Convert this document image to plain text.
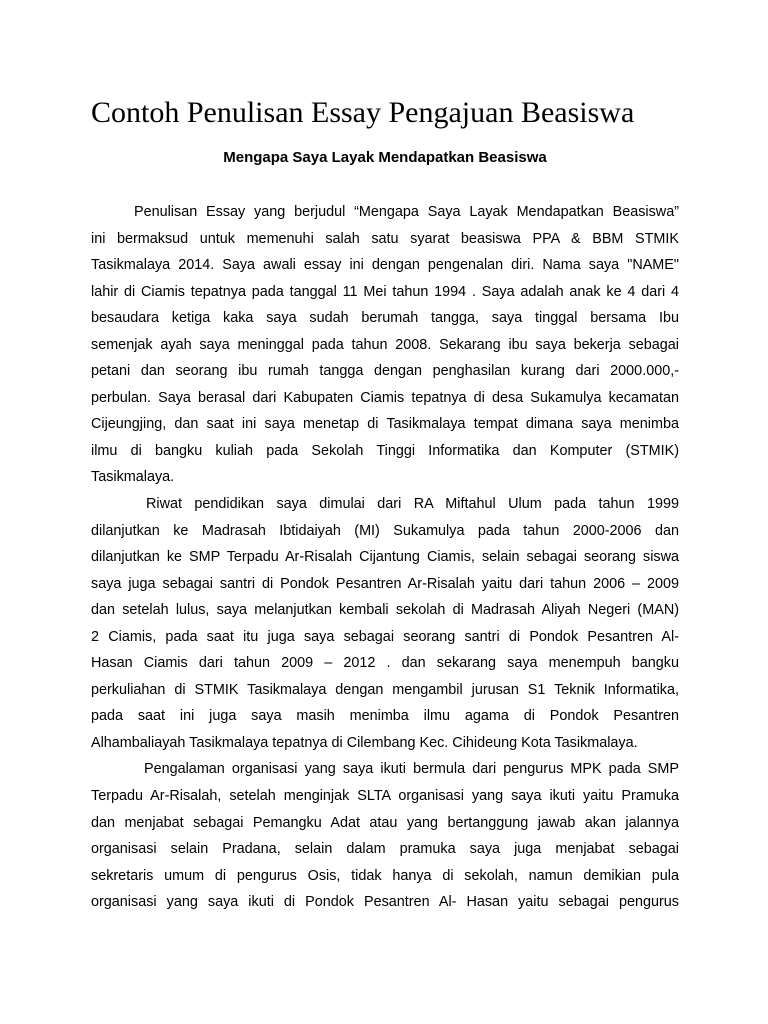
Contoh Penulisan Essay Pengajuan Beasiswa
Mengapa Saya Layak Mendapatkan Beasiswa

Penulisan Essay yang berjudul “Mengapa Saya Layak Mendapatkan Beasiswa”
ini bermaksud untuk memenuhi salah satu syarat beasiswa PPA & BBM STMIK
Tasikmalaya 2014. Saya awali essay ini dengan pengenalan diri. Nama saya "NAME"
lahir di Ciamis tepatnya pada tanggal 11 Mei tahun 1994 . Saya adalah anak ke 4 dari 4
besaudara ketiga kaka saya sudah berumah tangga, saya tinggal bersama Ibu
semenjak ayah saya meninggal pada tahun 2008. Sekarang ibu saya bekerja sebagai
petani dan seorang ibu rumah tangga dengan penghasilan kurang dari 2000.000,-
perbulan. Saya berasal dari Kabupaten Ciamis tepatnya di desa Sukamulya kecamatan
Cijeungjing, dan saat ini saya menetap di Tasikmalaya tempat dimana saya menimba
ilmu di bangku kuliah pada Sekolah Tinggi Informatika dan Komputer (STMIK)
Tasikmalaya.

Riwat pendidikan saya dimulai dari RA Miftahul Ulum pada tahun 1999
dilanjutkan ke Madrasah Ibtidaiyah (MI) Sukamulya pada tahun 2000-2006 dan
dilanjutkan ke SMP Terpadu Ar-Risalah Cijantung Ciamis, selain sebagai seorang siswa
saya juga sebagai santri di Pondok Pesantren Ar-Risalah yaitu dari tahun 2006 – 2009
dan setelah lulus, saya melanjutkan kembali sekolah di Madrasah Aliyah Negeri (MAN)
2 Ciamis, pada saat itu juga saya sebagai seorang santri di Pondok Pesantren Al-
Hasan Ciamis dari tahun 2009 – 2012 . dan sekarang saya menempuh bangku
perkuliahan di STMIK Tasikmalaya dengan mengambil jurusan S1 Teknik Informatika,
pada saat ini juga saya masih menimba ilmu agama di Pondok Pesantren
Alhambaliayah Tasikmalaya tepatnya di Cilembang Kec. Cihideung Kota Tasikmalaya.

Pengalaman organisasi yang saya ikuti bermula dari pengurus MPK pada SMP
Terpadu Ar-Risalah, setelah menginjak SLTA organisasi yang saya ikuti yaitu Pramuka
dan menjabat sebagai Pemangku Adat atau yang bertanggung jawab akan jalannya
organisasi selain Pradana, selain dalam pramuka saya juga menjabat sebagai
sekretaris umum di pengurus Osis, tidak hanya di sekolah, namun demikian pula
organisasi yang saya ikuti di Pondok Pesantren Al- Hasan yaitu sebagai pengurus
